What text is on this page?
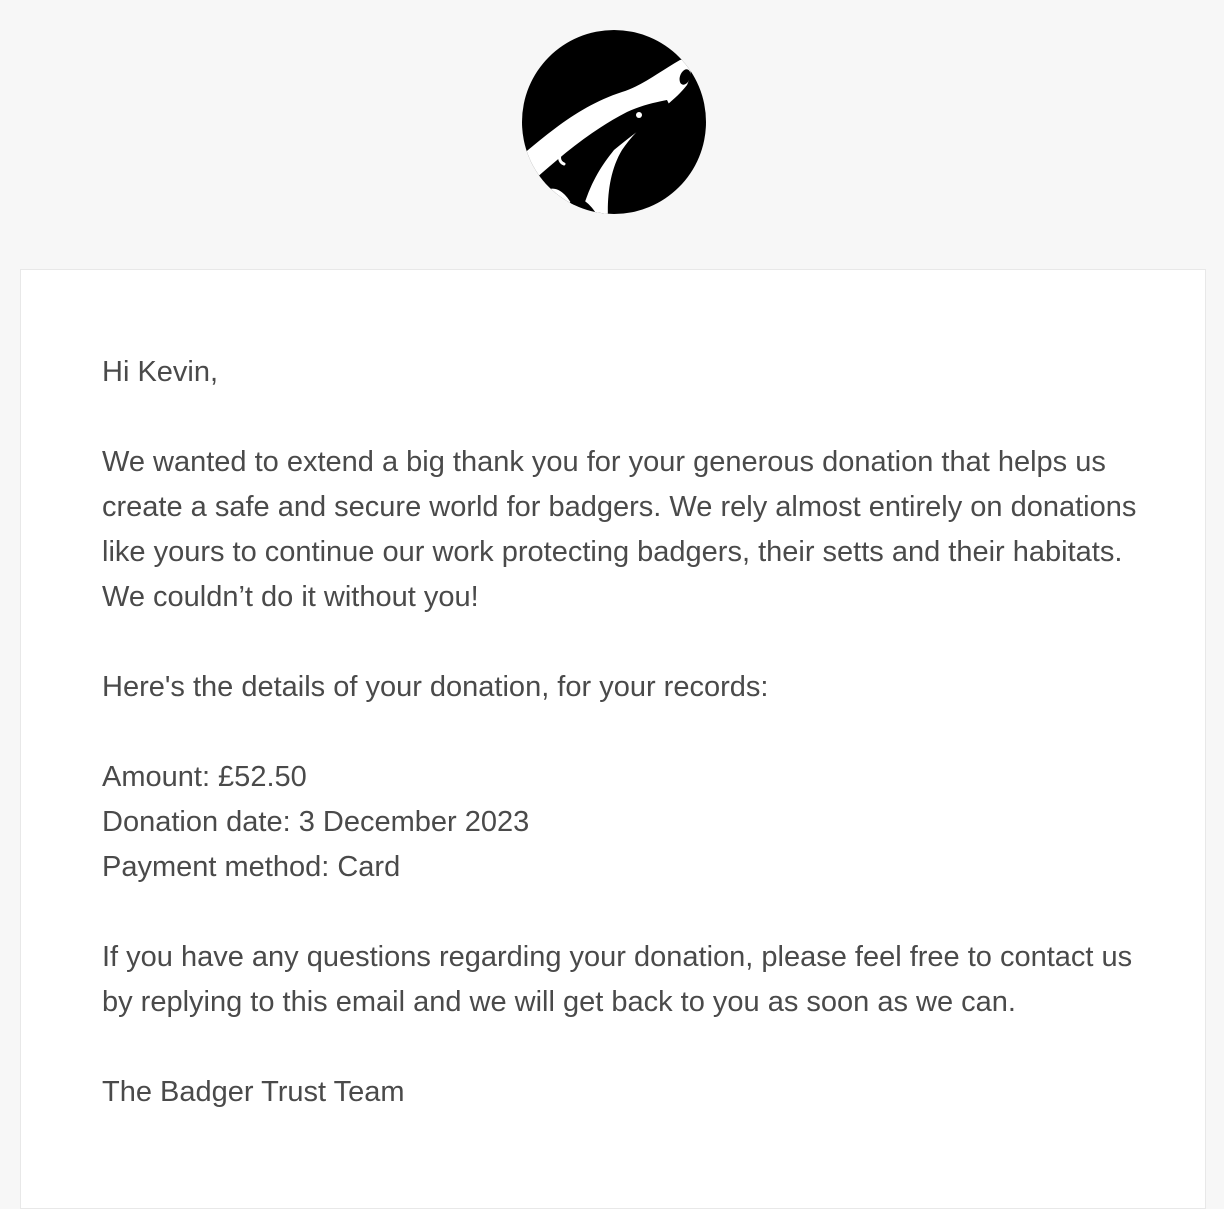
Hi Kevin,

We wanted to extend a big thank you for your generous donation that helps us create a safe and secure world for badgers. We rely almost entirely on donations like yours to continue our work protecting badgers, their setts and their habitats. We couldn’t do it without you!

Here's the details of your donation, for your records:

Amount: £52.50

Donation date: 3 December 2023

Payment method: Card

If you have any questions regarding your donation, please feel free to contact us by replying to this email and we will get back to you as soon as we can.

The Badger Trust Team
